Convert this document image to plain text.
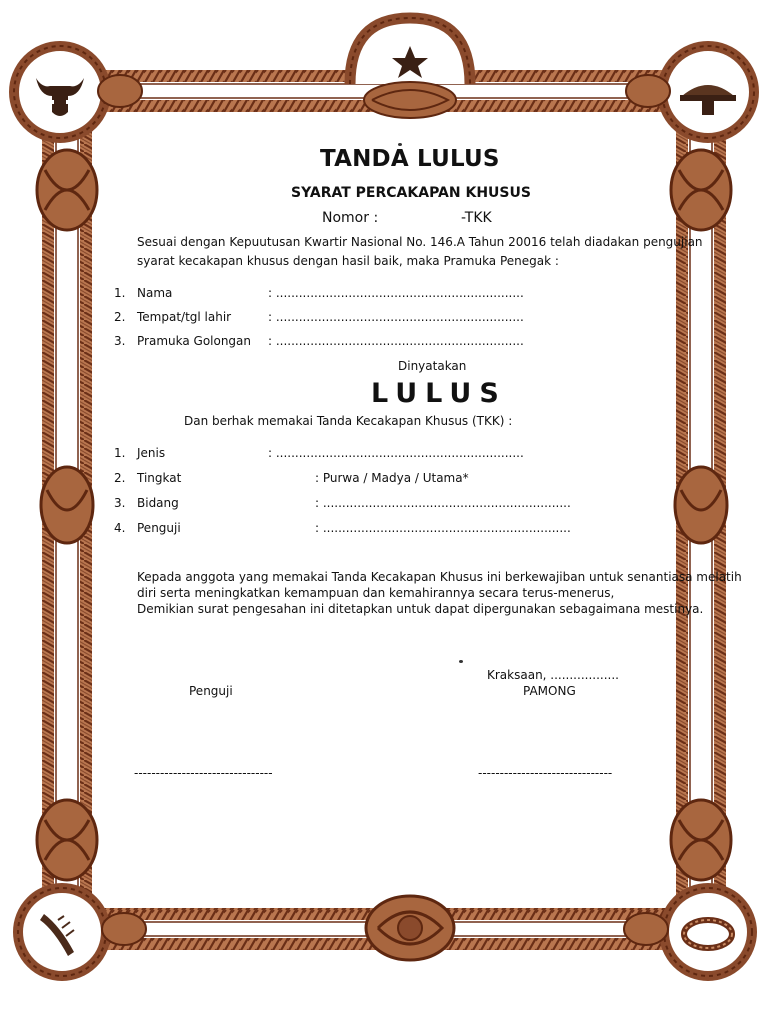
TANDA LULUS
SYARAT PERCAKAPAN KHUSUS
Nomor :	-TKK
Sesuai dengan Kepuutusan Kwartir Nasional No. 146.A Tahun 20016 telah diadakan pengujian
syarat kecakapan khusus dengan hasil baik, maka Pramuka Penegak :
1. Nama	: .................................................................
2. Tempat/tgl lahir	: .................................................................
3. Pramuka Golongan : .................................................................
Dinyatakan
LULUS
Dan berhak memakai Tanda Kecakapan Khusus (TKK) :
1. Jenis	: .................................................................
2. Tingkat	: Purwa / Madya / Utama*
3. Bidang	: .................................................................
4. Penguji	: .................................................................
Kepada anggota yang memakai Tanda Kecakapan Khusus ini berkewajiban untuk senantiasa melatih
diri serta meningkatkan kemampuan dan kemahirannya secara terus-menerus,
Demikian surat pengesahan ini ditetapkan untuk dapat dipergunakan sebagaimana mestinya.
Kraksaan, ..................
Penguji	PAMONG
--------------------------------	-------------------------------
